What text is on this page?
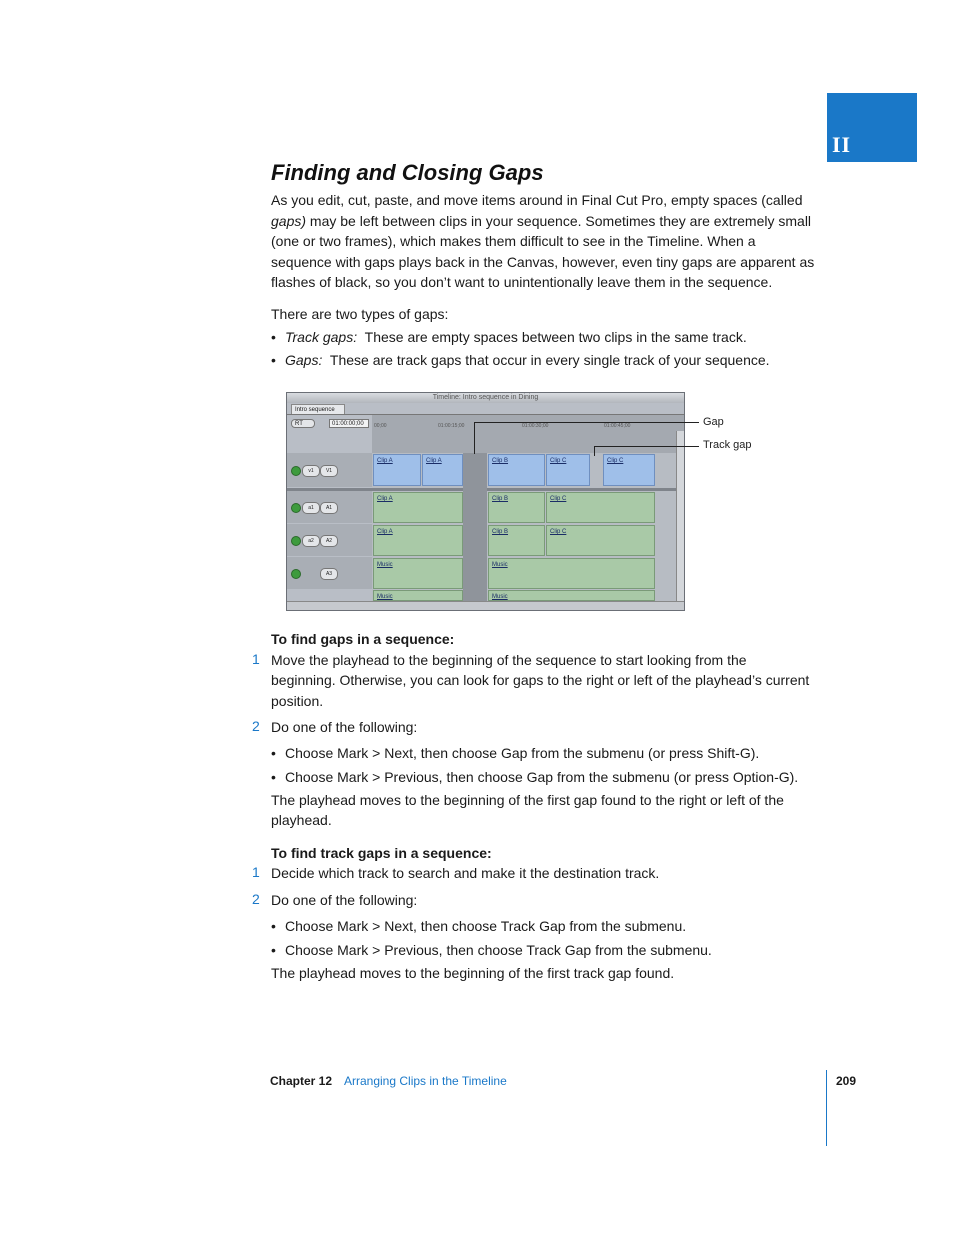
II
Finding and Closing Gaps
As you edit, cut, paste, and move items around in Final Cut Pro, empty spaces (called
gaps) may be left between clips in your sequence. Sometimes they are extremely small
(one or two frames), which makes them difficult to see in the Timeline. When a
sequence with gaps plays back in the Canvas, however, even tiny gaps are apparent as
flashes of black, so you don’t want to unintentionally leave them in the sequence.
There are two types of gaps:
• Track gaps: These are empty spaces between two clips in the same track.
• Gaps: These are track gaps that occur in every single track of your sequence.
Timeline: Intro sequence in Dining
Intro sequence
RT	01:00:00;00	00;00	01:00:15;00	01:00:30;00	01:00:45;00
v1	V1
a1	A1
a2	A2
A3
Clip A	Clip A	Clip B	Clip C	Clip C
Clip A	Clip B	Clip C
Clip A	Clip B	Clip C
Music	Music
Music	Music
Gap
Track gap
To find gaps in a sequence:
1 Move the playhead to the beginning of the sequence to start looking from the beginning. Otherwise, you can look for gaps to the right or left of the playhead’s current position.
2 Do one of the following:
• Choose Mark > Next, then choose Gap from the submenu (or press Shift-G).
• Choose Mark > Previous, then choose Gap from the submenu (or press Option-G).
The playhead moves to the beginning of the first gap found to the right or left of the playhead.
To find track gaps in a sequence:
1 Decide which track to search and make it the destination track.
2 Do one of the following:
• Choose Mark > Next, then choose Track Gap from the submenu.
• Choose Mark > Previous, then choose Track Gap from the submenu.
The playhead moves to the beginning of the first track gap found.
Chapter 12 Arranging Clips in the Timeline	209
